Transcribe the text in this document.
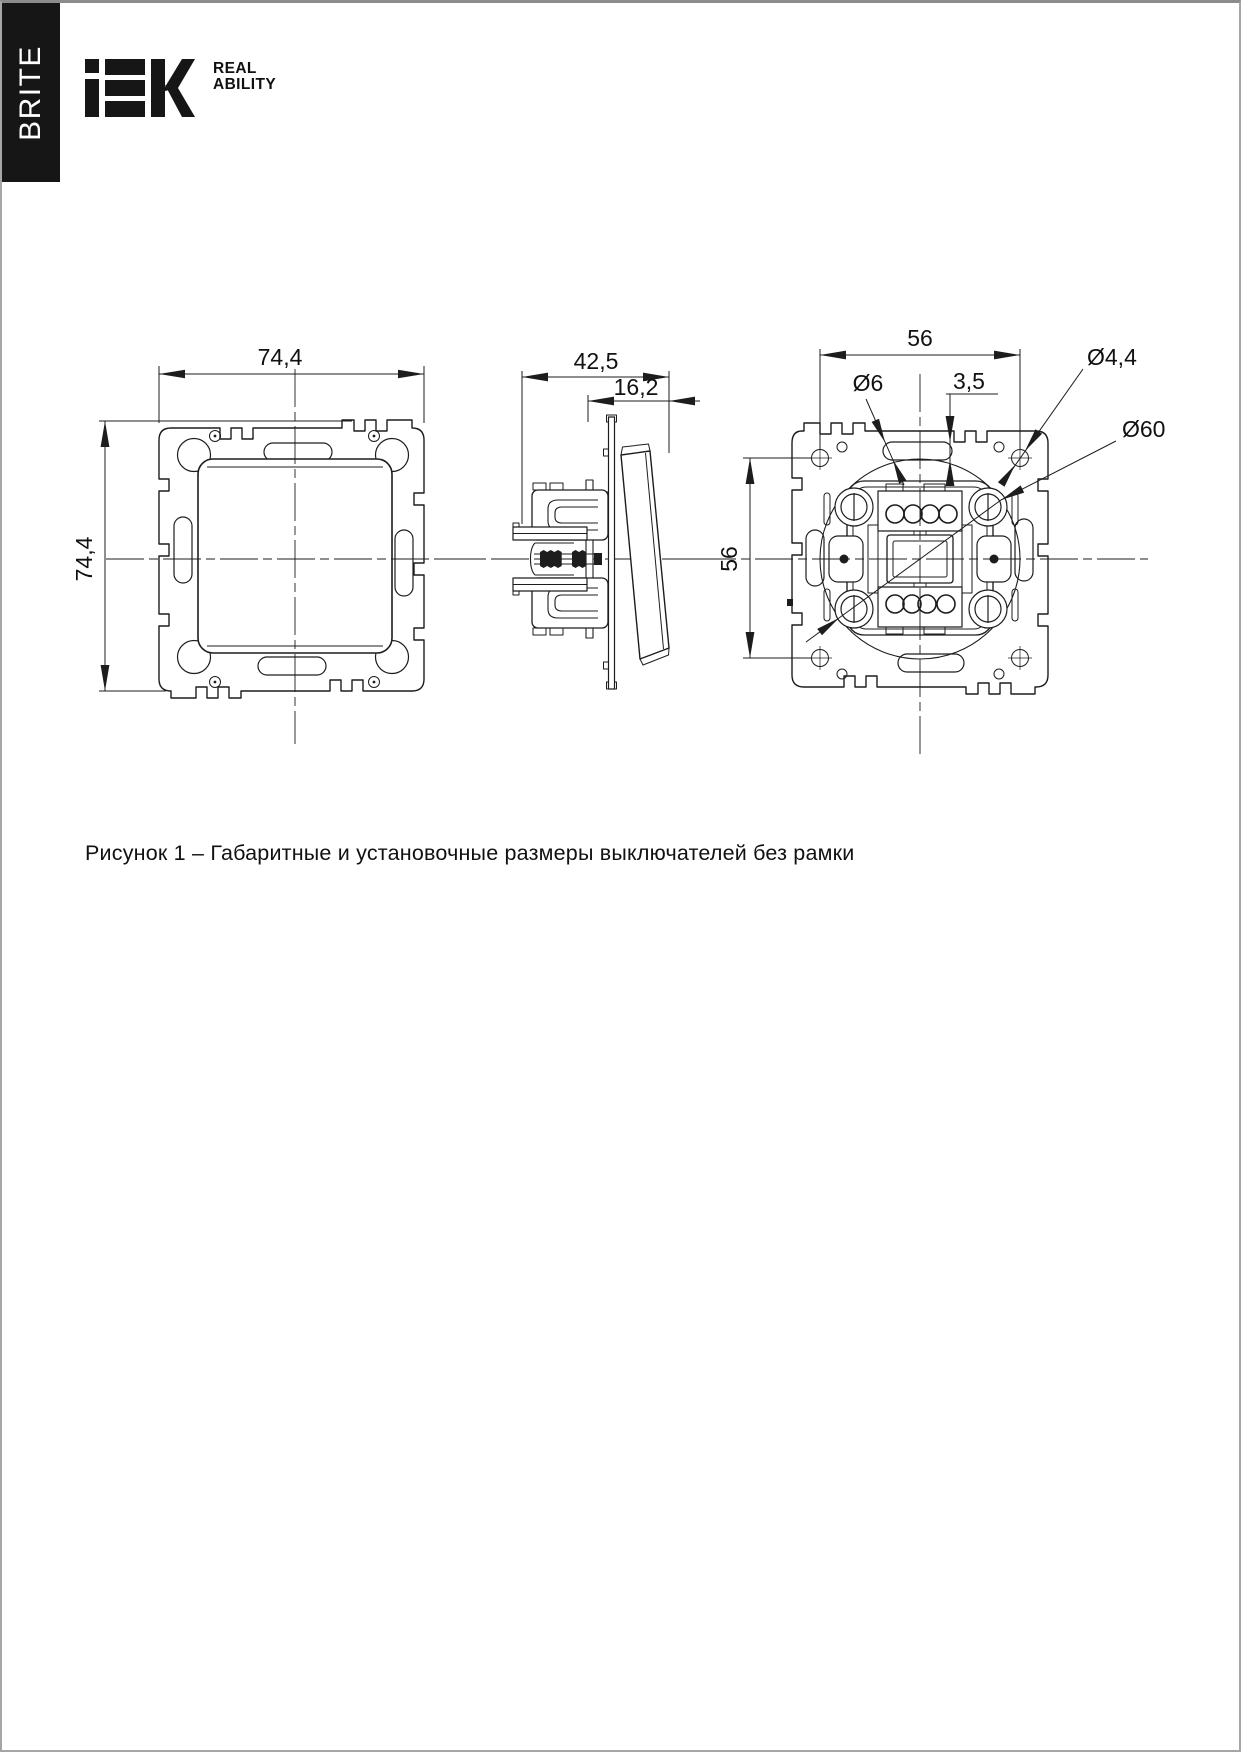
BRITE	REAL
ABILITY
74,4
74,4
42,5
16,2
56
56
Ø6	3,5
Ø4,4
Ø60
Рисунок 1 – Габаритные и установочные размеры выключателей без рамки
